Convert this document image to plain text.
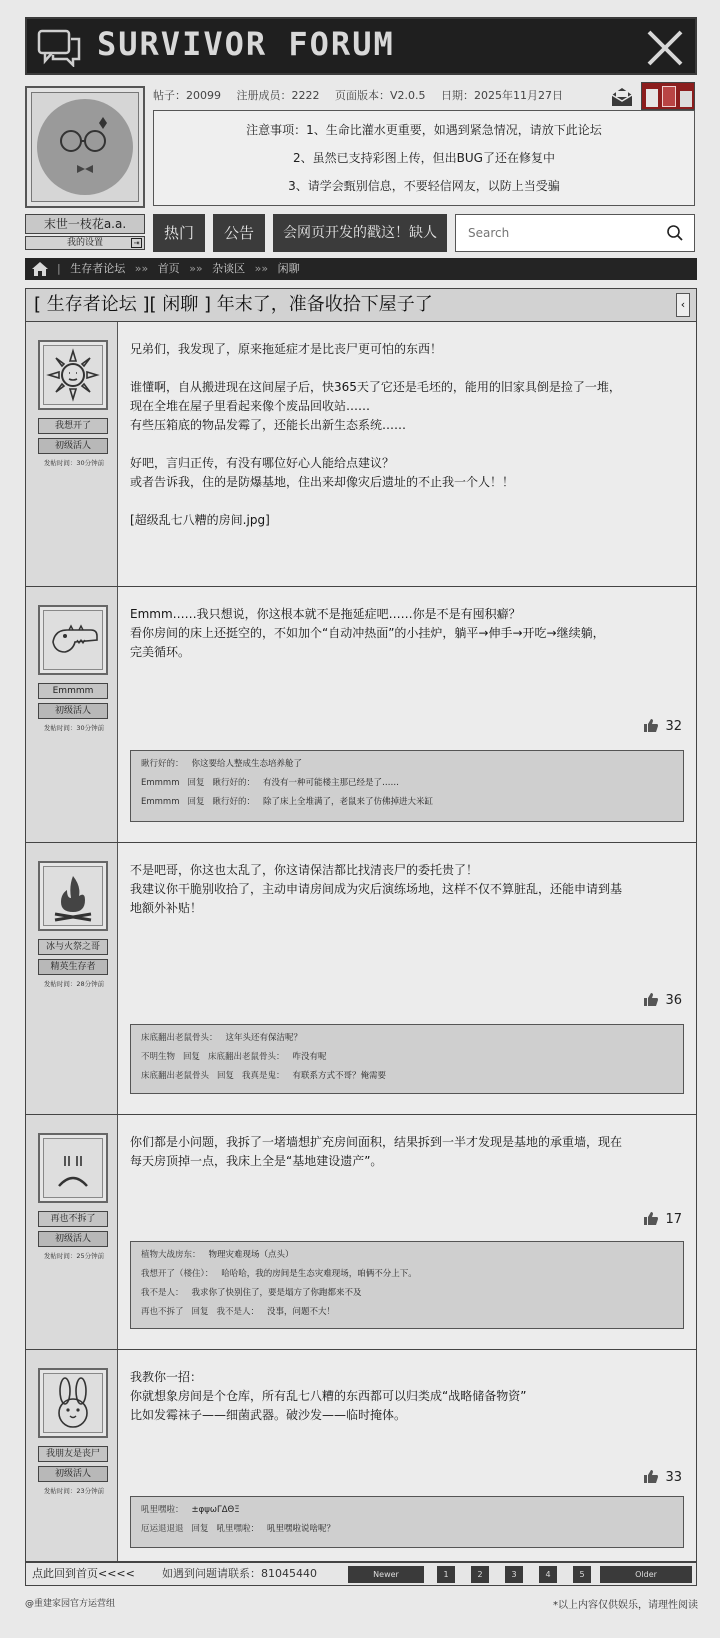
SURVIVOR FORUM
末世一枝花a.a.
我的设置	⇥
帖子：20099 注册成员：2222 页面版本：V2.0.5 日期：2025年11月27日
注意事项：1、生命比灌水更重要，如遇到紧急情况，请放下此论坛
2、虽然已支持彩图上传，但出BUG了还在修复中
3、请学会甄别信息，不要轻信网友，以防上当受骗
热门	公告	会网页开发的戳这！缺人
Search
| 生存者论坛 »» 首页 »» 杂谈区 »» 闲聊
[ 生存者论坛 ][ 闲聊 ] 年末了，准备收拾下屋子了	‹
我想开了
初级活人
发帖时间：30分钟前

兄弟们，我发现了，原来拖延症才是比丧尸更可怕的东西！

谁懂啊，自从搬进现在这间屋子后，快365天了它还是毛坯的，能用的旧家具倒是捡了一堆，
现在全堆在屋子里看起来像个废品回收站……
有些压箱底的物品发霉了，还能长出新生态系统……

好吧，言归正传，有没有哪位好心人能给点建议？
或者告诉我，住的是防爆基地，住出来却像灾后遗址的不止我一个人！！

[超级乱七八糟的房间.jpg]

Emmmm
初级活人
发帖时间：30分钟前

Emmm……我只想说，你这根本就不是拖延症吧……你是不是有囤积癖？
看你房间的床上还挺空的，不如加个“自动冲热面”的小挂炉，躺平→伸手→开吃→继续躺，
完美循环。

32
瞅行好的： 你这要给人整成生态培养舱了
Emmmm 回复 瞅行好的： 有没有一种可能楼主那已经是了……
Emmmm 回复 瞅行好的： 除了床上全堆满了，老鼠来了仿佛掉进大米缸
冰与火祭之哥
精英生存者
发帖时间：28分钟前

不是吧哥，你这也太乱了，你这请保洁都比找清丧尸的委托贵了！
我建议你干脆别收拾了，主动申请房间成为灾后演练场地，这样不仅不算脏乱，还能申请到基
地额外补贴！

36
床底翻出老鼠骨头： 这年头还有保洁呢？
不明生物 回复 床底翻出老鼠骨头： 咋没有呢
床底翻出老鼠骨头 回复 我真是鬼： 有联系方式不哥？俺需要
再也不拆了
初级活人
发帖时间：25分钟前

你们都是小问题，我拆了一堵墙想扩充房间面积，结果拆到一半才发现是基地的承重墙，现在
每天房顶掉一点，我床上全是“基地建设遗产”。

17
植物大战房东： 物理灾难现场（点头）
我想开了（楼住）： 哈哈哈，我的房间是生态灾难现场，咱俩不分上下。
我不是人： 我求你了快别住了，要是塌方了你跑都来不及
再也不拆了 回复 我不是人： 没事，问题不大！
我朋友是丧尸
初级活人
发帖时间：23分钟前

我教你一招：
你就想象房间是个仓库，所有乱七八糟的东西都可以归类成“战略储备物资”
比如发霉袜子——细菌武器。破沙发——临时掩体。

33
吼里嘿啦： ±φψωΓΔΘΞ
厄运退退退 回复 吼里嘿啦： 吼里嘿啦说啥呢？
点此回到首页<<<< 如遇到问题请联系：81045440	Newer	1	2	3	4	5	Older
@重建家园官方运营组	*以上内容仅供娱乐，请理性阅读
